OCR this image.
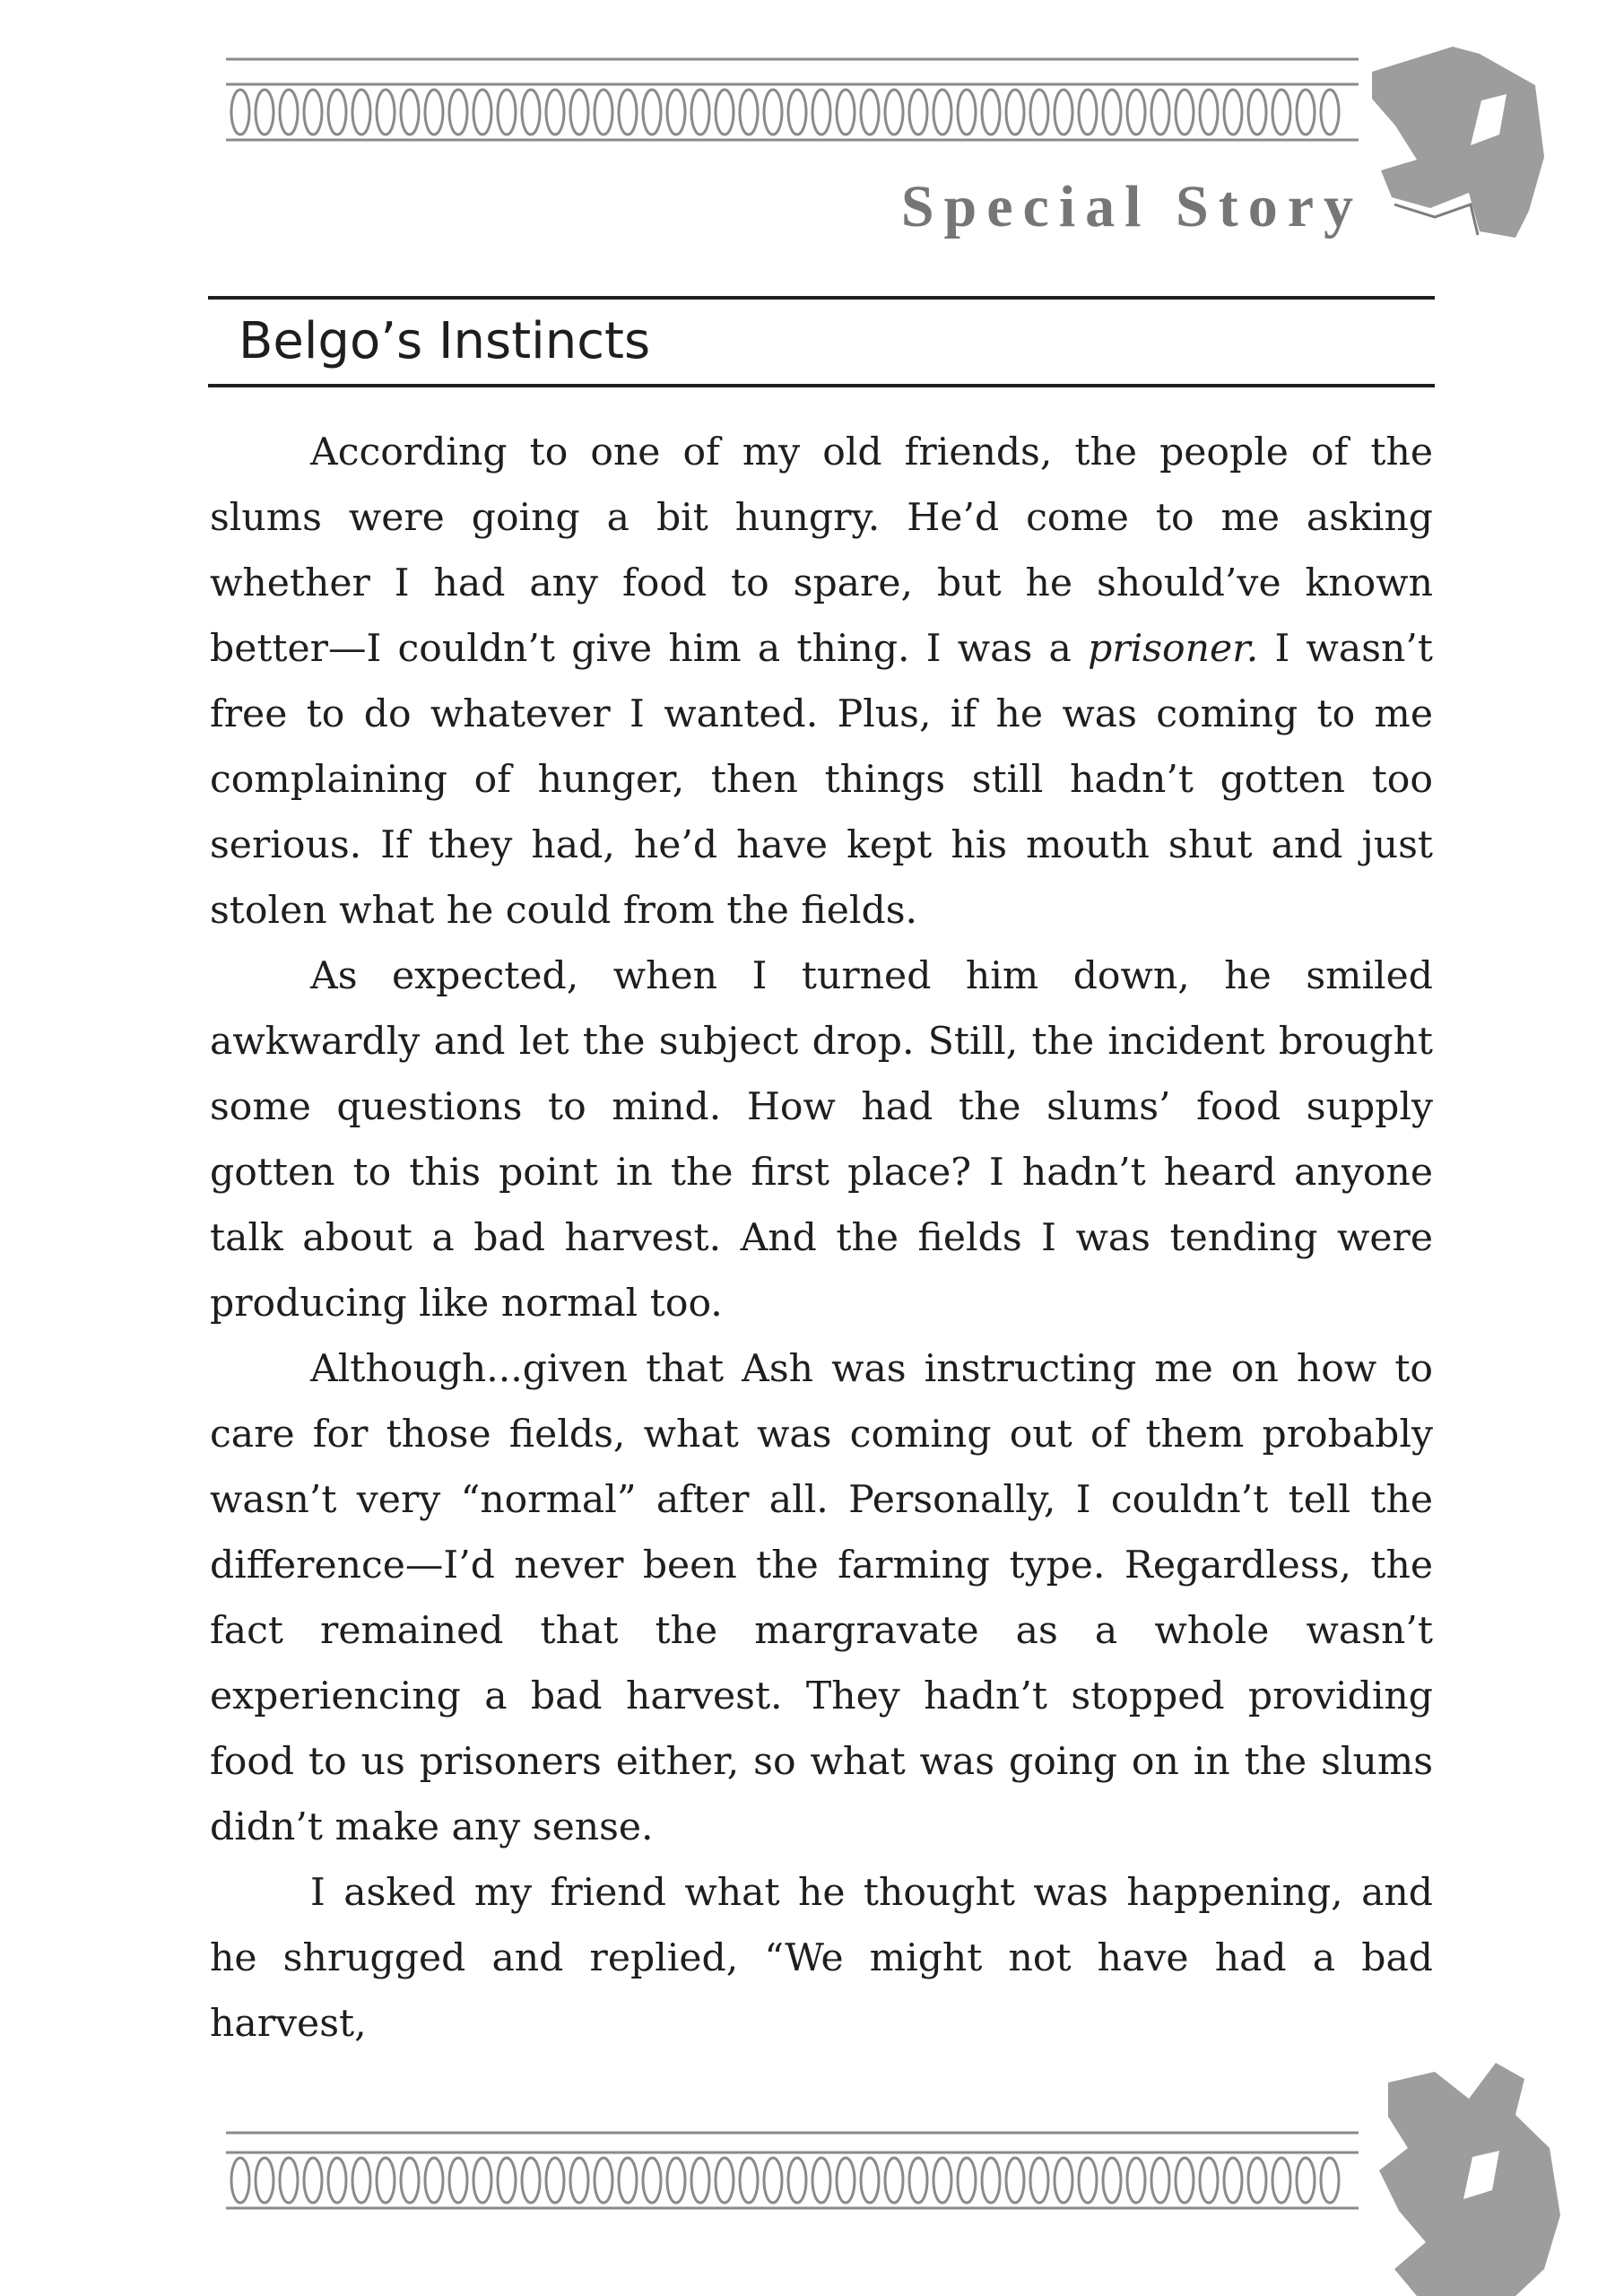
Special Story
Belgo’s Instincts

According to one of my old friends, the people of the slums were going a bit hungry. He’d come to me asking whether I had any food to spare, but he should’ve known better—I couldn’t give him a thing. I was a prisoner. I wasn’t free to do whatever I wanted. Plus, if he was coming to me complaining of hunger, then things still hadn’t gotten too serious. If they had, he’d have kept his mouth shut and just stolen what he could from the fields.

As expected, when I turned him down, he smiled awkwardly and let the subject drop. Still, the incident brought some questions to mind. How had the slums’ food supply gotten to this point in the first place? I hadn’t heard anyone talk about a bad harvest. And the fields I was tending were producing like normal too.

Although...given that Ash was instructing me on how to care for those fields, what was coming out of them probably wasn’t very “normal” after all. Personally, I couldn’t tell the difference—I’d never been the farming type. Regardless, the fact remained that the margravate as a whole wasn’t experiencing a bad harvest. They hadn’t stopped providing food to us prisoners either, so what was going on in the slums didn’t make any sense.

I asked my friend what he thought was happening, and he shrugged and replied, “We might not have had a bad harvest,
